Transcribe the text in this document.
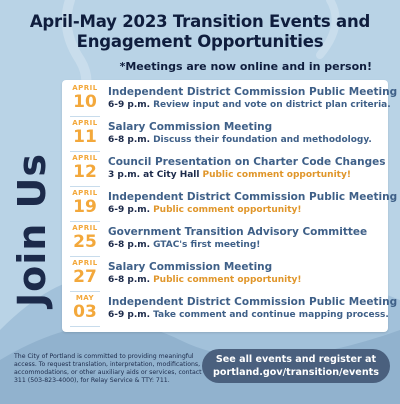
April-May 2023 Transition Events and
Engagement Opportunities
*Meetings are now online and in person!
Join Us
APRIL
10	Independent District Commission Public Meeting
6-9 p.m. Review input and vote on district plan criteria.
APRIL
11	Salary Commission Meeting
6-8 p.m. Discuss their foundation and methodology.
APRIL
12	Council Presentation on Charter Code Changes
3 p.m. at City Hall Public comment opportunity!
APRIL
19	Independent District Commission Public Meeting
6-9 p.m. Public comment opportunity!
APRIL
25	Government Transition Advisory Committee
6-8 p.m. GTAC's first meeting!
APRIL
27	Salary Commission Meeting
6-8 p.m. Public comment opportunity!
MAY
03	Independent District Commission Public Meeting
6-9 p.m. Take comment and continue mapping process.
The City of Portland is committed to providing meaningful access. To request translation, interpretation, modifications, accommodations, or other auxiliary aids or services, contact 311 (503-823-4000), for Relay Service & TTY: 711.
See all events and register at
portland.gov/transition/events
